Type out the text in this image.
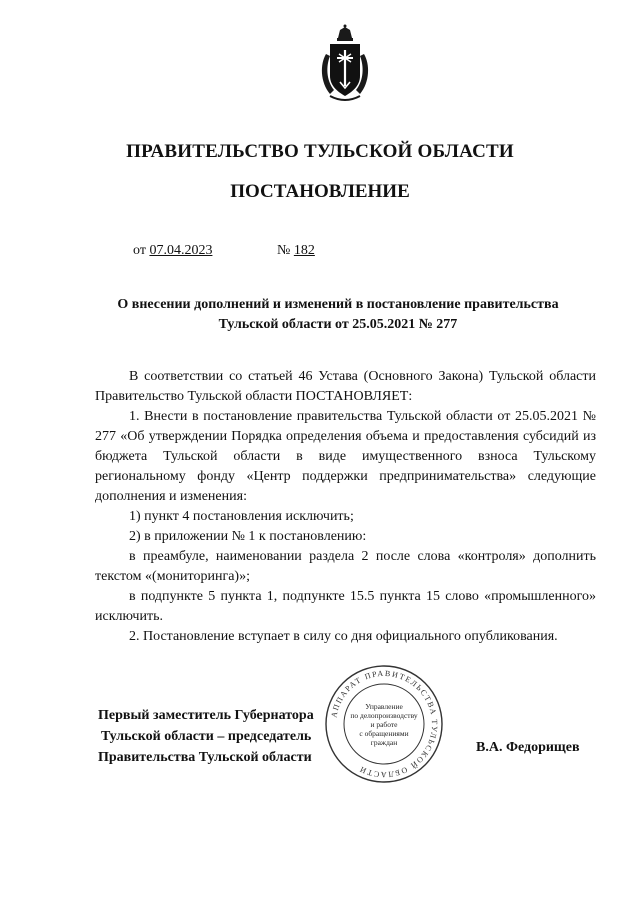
ПРАВИТЕЛЬСТВО ТУЛЬСКОЙ ОБЛАСТИ
ПОСТАНОВЛЕНИЕ
от 07.04.2023	№ 182
О внесении дополнений и изменений в постановление правительства
Тульской области от 25.05.2021 № 277

В соответствии со статьей 46 Устава (Основного Закона) Тульской области Правительство Тульской области ПОСТАНОВЛЯЕТ:

1. Внести в постановление правительства Тульской области от 25.05.2021 № 277 «Об утверждении Порядка определения объема и предоставления субсидий из бюджета Тульской области в виде имущественного взноса Тульскому региональному фонду «Центр поддержки предпринимательства» следующие дополнения и изменения:

1) пункт 4 постановления исключить;

2) в приложении № 1 к постановлению:

в преамбуле, наименовании раздела 2 после слова «контроля» дополнить текстом «(мониторинга)»;

в подпункте 5 пункта 1, подпункте 15.5 пункта 15 слово «промышленного» исключить.

2. Постановление вступает в силу со дня официального опубликования.

Первый заместитель Губернатора
Тульской области – председатель
Правительства Тульской области
В.А. Федорищев
АППАРАТ ПРАВИТЕЛЬСТВА ТУЛЬСКОЙ ОБЛАСТИ
Управление
по делопроизводству
и работе
с обращениями
граждан
